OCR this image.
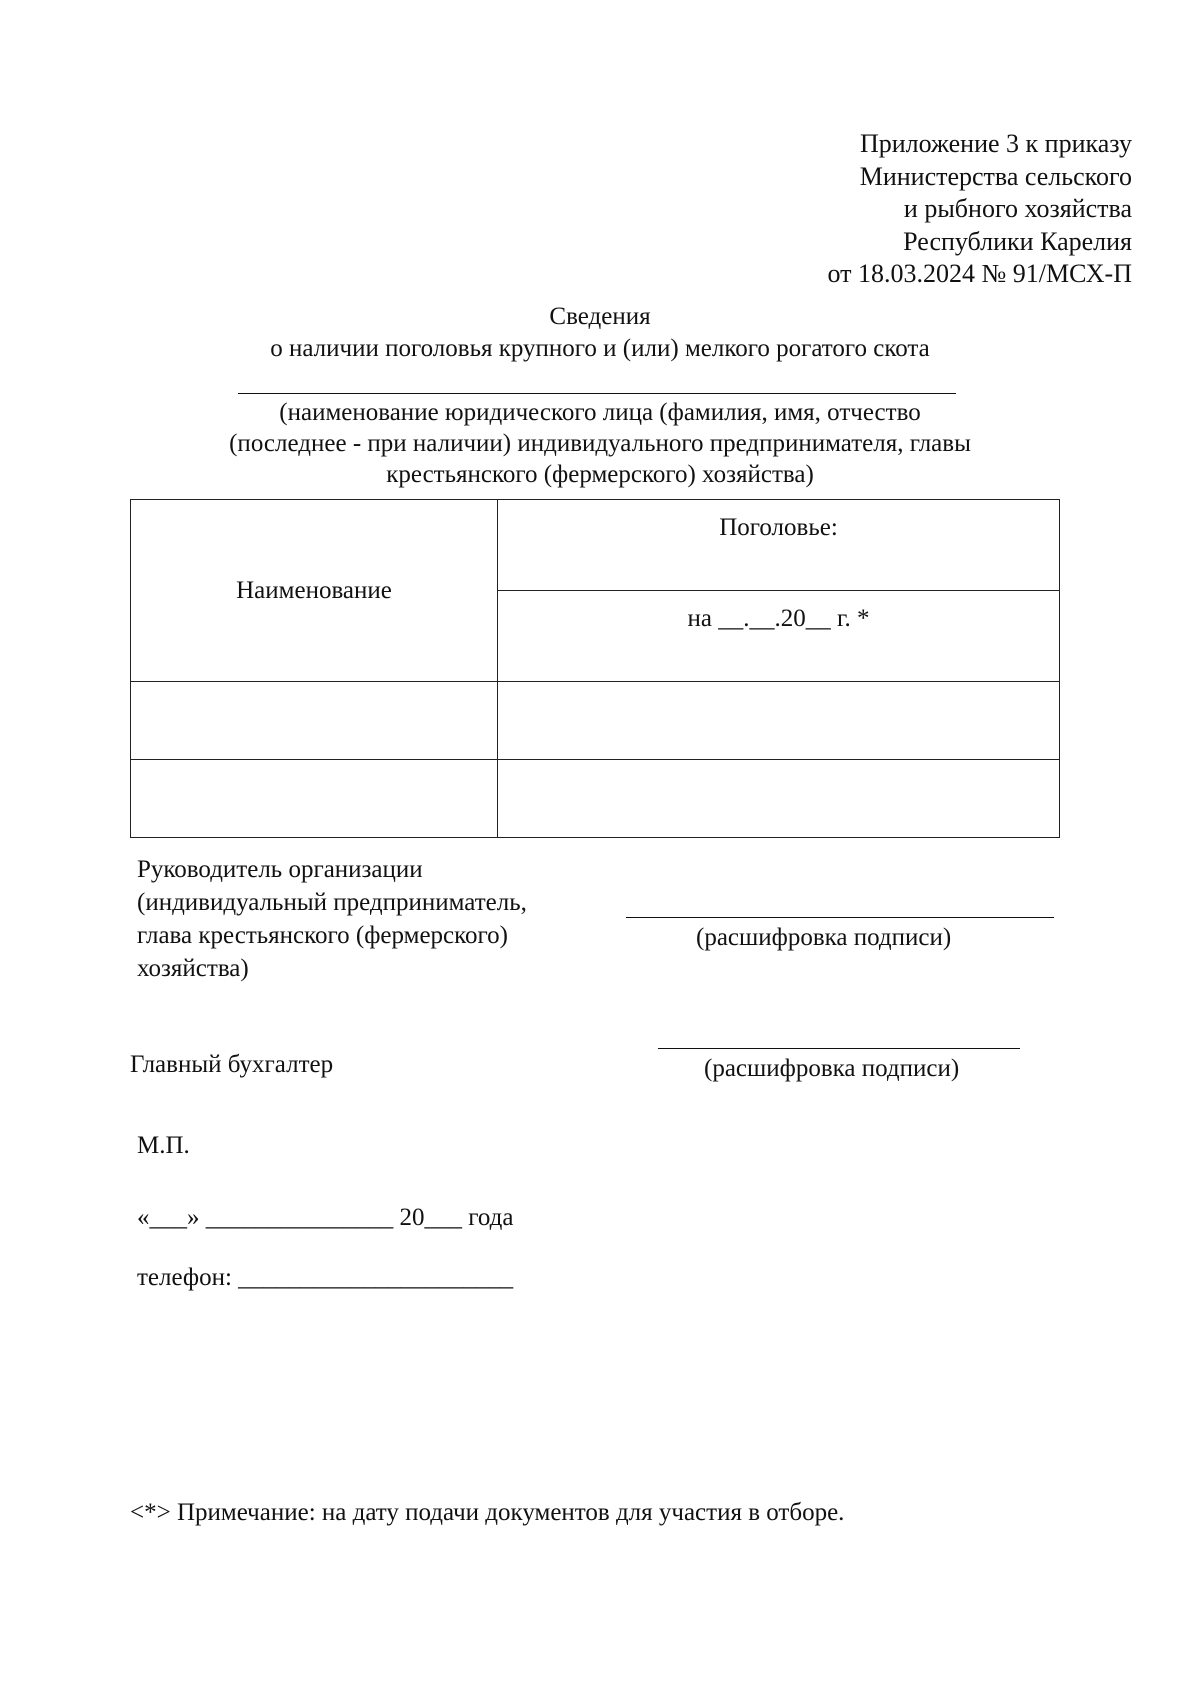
Приложение 3 к приказу
Министерства сельского
и рыбного хозяйства
Республики Карелия
от 18.03.2024 № 91/МСХ-П
Сведения
о наличии поголовья крупного и (или) мелкого рогатого скота
(наименование юридического лица (фамилия, имя, отчество
(последнее - при наличии) индивидуального предпринимателя, главы
крестьянского (фермерского) хозяйства)
Наименование	Поголовье:
	на __.__.20__ г. *

Руководитель организации
(индивидуальный предприниматель,
глава крестьянского (фермерского)
хозяйства)
(расшифровка подписи)
Главный бухгалтер	(расшифровка подписи)
М.П.
«___» _______________ 20___ года
телефон: ______________________
<*> Примечание: на дату подачи документов для участия в отборе.
